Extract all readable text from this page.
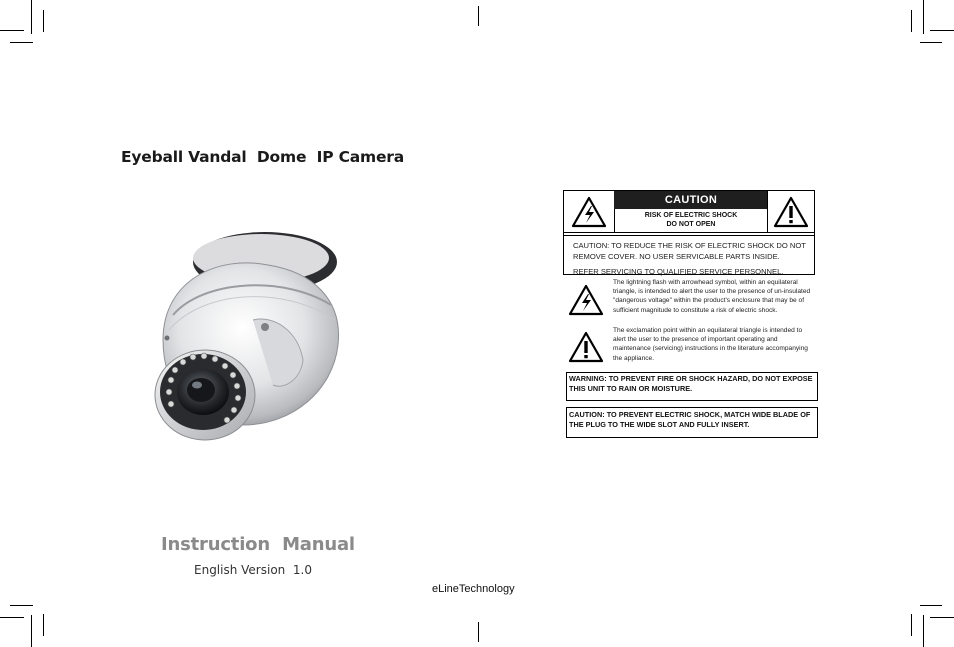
Eyeball Vandal  Dome  IP Camera
Instruction  Manual
English Version  1.0
eLineTechnology
CAUTION
RISK OF ELECTRIC SHOCK
DO NOT OPEN

CAUTION: TO REDUCE THE RISK OF ELECTRIC SHOCK DO NOT

REMOVE COVER. NO USER SERVICABLE PARTS INSIDE.

REFER SERVICING TO QUALIFIED SERVICE PERSONNEL.

The lightning flash with arrowhead symbol, within an equilateral triangle, is intended to alert the user to the presence of un-insulated "dangerous voltage" within the product's enclosure that may be of sufficient magnitude to constitute a risk of electric shock.
The exclamation point within an equilateral triangle is intended to alert the user to the presence of important operating and maintenance (servicing) instructions in the literature accompanying the appliance.
WARNING: TO PREVENT FIRE OR SHOCK HAZARD, DO NOT EXPOSE THIS UNIT TO RAIN OR MOISTURE.
CAUTION: TO PREVENT ELECTRIC SHOCK, MATCH WIDE BLADE OF THE PLUG TO THE WIDE SLOT AND FULLY INSERT.
